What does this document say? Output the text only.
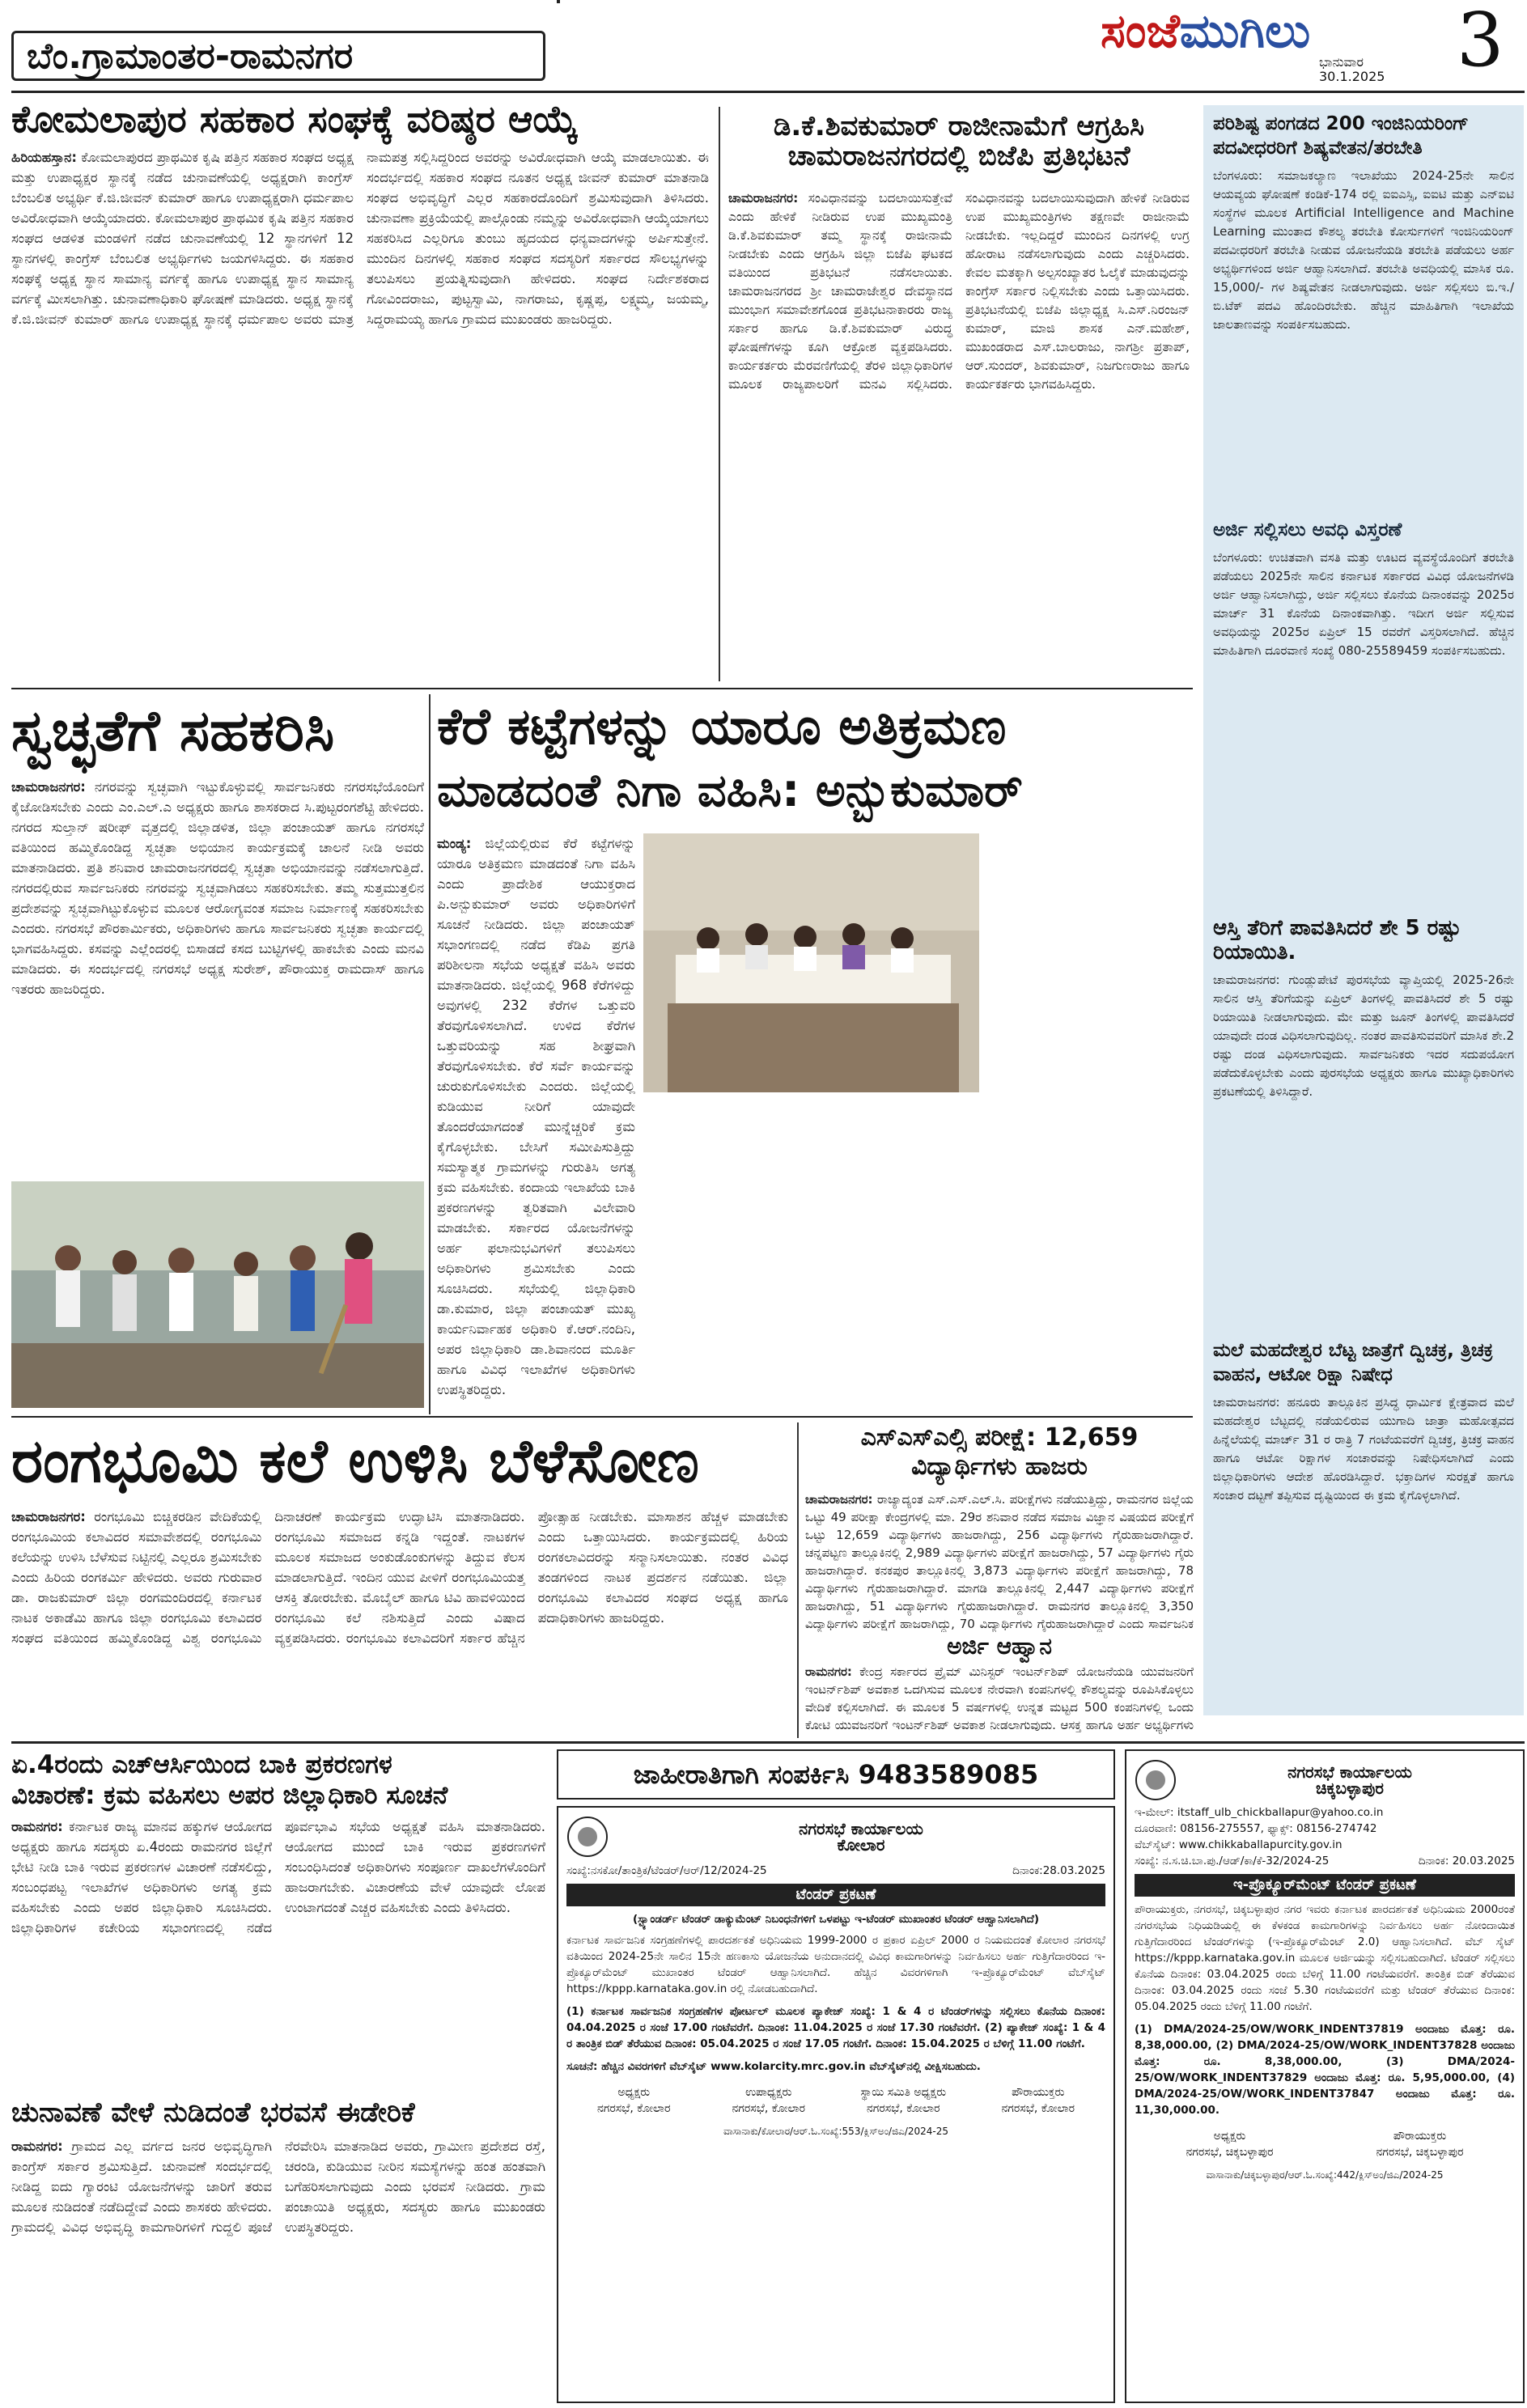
ಬೆಂ.ಗ್ರಾಮಾಂತರ-ರಾಮನಗರ	ಸಂಜೆಮುಗಿಲು
ಭಾನುವಾರ
30.1.2025 3
ಕೋಮಲಾಪುರ ಸಹಕಾರ ಸಂಘಕ್ಕೆ ವರಿಷ್ಠರ ಆಯ್ಕೆ
ಹಿರಿಯಹಸ್ತಾನ: ಕೋಮಲಾಪುರದ ಪ್ರಾಥಮಿಕ ಕೃಷಿ ಪತ್ತಿನ ಸಹಕಾರ ಸಂಘದ ಅಧ್ಯಕ್ಷ ಮತ್ತು ಉಪಾಧ್ಯಕ್ಷರ ಸ್ಥಾನಕ್ಕೆ ನಡೆದ ಚುನಾವಣೆಯಲ್ಲಿ ಅಧ್ಯಕ್ಷರಾಗಿ ಕಾಂಗ್ರೆಸ್ ಬೆಂಬಲಿತ ಅಭ್ಯರ್ಥಿ ಕೆ.ಜಿ.ಜೀವನ್ ಕುಮಾರ್ ಹಾಗೂ ಉಪಾಧ್ಯಕ್ಷರಾಗಿ ಧರ್ಮಪಾಲ ಅವಿರೋಧವಾಗಿ ಆಯ್ಕೆಯಾದರು. ಕೋಮಲಾಪುರ ಪ್ರಾಥಮಿಕ ಕೃಷಿ ಪತ್ತಿನ ಸಹಕಾರ ಸಂಘದ ಆಡಳಿತ ಮಂಡಳಿಗೆ ನಡೆದ ಚುನಾವಣೆಯಲ್ಲಿ 12 ಸ್ಥಾನಗಳಿಗೆ 12 ಸ್ಥಾನಗಳಲ್ಲಿ ಕಾಂಗ್ರೆಸ್ ಬೆಂಬಲಿತ ಅಭ್ಯರ್ಥಿಗಳು ಜಯಗಳಿಸಿದ್ದರು. ಈ ಸಹಕಾರ ಸಂಘಕ್ಕೆ ಅಧ್ಯಕ್ಷ ಸ್ಥಾನ ಸಾಮಾನ್ಯ ವರ್ಗಕ್ಕೆ ಹಾಗೂ ಉಪಾಧ್ಯಕ್ಷ ಸ್ಥಾನ ಸಾಮಾನ್ಯ ವರ್ಗಕ್ಕೆ ಮೀಸಲಾಗಿತ್ತು. ಚುನಾವಣಾಧಿಕಾರಿ ಘೋಷಣೆ ಮಾಡಿದರು. ಅಧ್ಯಕ್ಷ ಸ್ಥಾನಕ್ಕೆ ಕೆ.ಜಿ.ಜೀವನ್ ಕುಮಾರ್ ಹಾಗೂ ಉಪಾಧ್ಯಕ್ಷ ಸ್ಥಾನಕ್ಕೆ ಧರ್ಮಪಾಲ ಅವರು ಮಾತ್ರ ನಾಮಪತ್ರ ಸಲ್ಲಿಸಿದ್ದರಿಂದ ಅವರನ್ನು ಅವಿರೋಧವಾಗಿ ಆಯ್ಕೆ ಮಾಡಲಾಯಿತು. ಈ ಸಂದರ್ಭದಲ್ಲಿ ಸಹಕಾರ ಸಂಘದ ನೂತನ ಅಧ್ಯಕ್ಷ ಜೀವನ್ ಕುಮಾರ್ ಮಾತನಾಡಿ ಸಂಘದ ಅಭಿವೃದ್ಧಿಗೆ ಎಲ್ಲರ ಸಹಕಾರದೊಂದಿಗೆ ಶ್ರಮಿಸುವುದಾಗಿ ತಿಳಿಸಿದರು. ಚುನಾವಣಾ ಪ್ರಕ್ರಿಯೆಯಲ್ಲಿ ಪಾಲ್ಗೊಂಡು ನಮ್ಮನ್ನು ಅವಿರೋಧವಾಗಿ ಆಯ್ಕೆಯಾಗಲು ಸಹಕರಿಸಿದ ಎಲ್ಲರಿಗೂ ತುಂಬು ಹೃದಯದ ಧನ್ಯವಾದಗಳನ್ನು ಅರ್ಪಿಸುತ್ತೇನೆ. ಮುಂದಿನ ದಿನಗಳಲ್ಲಿ ಸಹಕಾರ ಸಂಘದ ಸದಸ್ಯರಿಗೆ ಸರ್ಕಾರದ ಸೌಲಭ್ಯಗಳನ್ನು ತಲುಪಿಸಲು ಪ್ರಯತ್ನಿಸುವುದಾಗಿ ಹೇಳಿದರು. ಸಂಘದ ನಿರ್ದೇಶಕರಾದ ಗೋವಿಂದರಾಜು, ಪುಟ್ಟಸ್ವಾಮಿ, ನಾಗರಾಜು, ಕೃಷ್ಣಪ್ಪ, ಲಕ್ಷ್ಮಮ್ಮ, ಜಯಮ್ಮ, ಸಿದ್ದರಾಮಯ್ಯ ಹಾಗೂ ಗ್ರಾಮದ ಮುಖಂಡರು ಹಾಜರಿದ್ದರು.
ಡಿ.ಕೆ.ಶಿವಕುಮಾರ್ ರಾಜೀನಾಮೆಗೆ ಆಗ್ರಹಿಸಿ ಚಾಮರಾಜನಗರದಲ್ಲಿ ಬಿಜೆಪಿ ಪ್ರತಿಭಟನೆ
ಚಾಮರಾಜನಗರ: ಸಂವಿಧಾನವನ್ನು ಬದಲಾಯಿಸುತ್ತೇವೆ ಎಂದು ಹೇಳಿಕೆ ನೀಡಿರುವ ಉಪ ಮುಖ್ಯಮಂತ್ರಿ ಡಿ.ಕೆ.ಶಿವಕುಮಾರ್ ತಮ್ಮ ಸ್ಥಾನಕ್ಕೆ ರಾಜೀನಾಮೆ ನೀಡಬೇಕು ಎಂದು ಆಗ್ರಹಿಸಿ ಜಿಲ್ಲಾ ಬಿಜೆಪಿ ಘಟಕದ ವತಿಯಿಂದ ಪ್ರತಿಭಟನೆ ನಡೆಸಲಾಯಿತು. ಚಾಮರಾಜನಗರದ ಶ್ರೀ ಚಾಮರಾಜೇಶ್ವರ ದೇವಸ್ಥಾನದ ಮುಂಭಾಗ ಸಮಾವೇಶಗೊಂಡ ಪ್ರತಿಭಟನಾಕಾರರು ರಾಜ್ಯ ಸರ್ಕಾರ ಹಾಗೂ ಡಿ.ಕೆ.ಶಿವಕುಮಾರ್ ವಿರುದ್ಧ ಘೋಷಣೆಗಳನ್ನು ಕೂಗಿ ಆಕ್ರೋಶ ವ್ಯಕ್ತಪಡಿಸಿದರು. ಕಾರ್ಯಕರ್ತರು ಮೆರವಣಿಗೆಯಲ್ಲಿ ತೆರಳಿ ಜಿಲ್ಲಾಧಿಕಾರಿಗಳ ಮೂಲಕ ರಾಜ್ಯಪಾಲರಿಗೆ ಮನವಿ ಸಲ್ಲಿಸಿದರು. ಸಂವಿಧಾನವನ್ನು ಬದಲಾಯಿಸುವುದಾಗಿ ಹೇಳಿಕೆ ನೀಡಿರುವ ಉಪ ಮುಖ್ಯಮಂತ್ರಿಗಳು ತಕ್ಷಣವೇ ರಾಜೀನಾಮೆ ನೀಡಬೇಕು. ಇಲ್ಲದಿದ್ದರೆ ಮುಂದಿನ ದಿನಗಳಲ್ಲಿ ಉಗ್ರ ಹೋರಾಟ ನಡೆಸಲಾಗುವುದು ಎಂದು ಎಚ್ಚರಿಸಿದರು. ಕೇವಲ ಮತಕ್ಕಾಗಿ ಅಲ್ಪಸಂಖ್ಯಾತರ ಓಲೈಕೆ ಮಾಡುವುದನ್ನು ಕಾಂಗ್ರೆಸ್ ಸರ್ಕಾರ ನಿಲ್ಲಿಸಬೇಕು ಎಂದು ಒತ್ತಾಯಿಸಿದರು. ಪ್ರತಿಭಟನೆಯಲ್ಲಿ ಬಿಜೆಪಿ ಜಿಲ್ಲಾಧ್ಯಕ್ಷ ಸಿ.ಎಸ್.ನಿರಂಜನ್ ಕುಮಾರ್, ಮಾಜಿ ಶಾಸಕ ಎನ್.ಮಹೇಶ್, ಮುಖಂಡರಾದ ಎಸ್.ಬಾಲರಾಜು, ನಾಗಶ್ರೀ ಪ್ರತಾಪ್, ಆರ್.ಸುಂದರ್, ಶಿವಕುಮಾರ್, ನಿಜಗುಣರಾಜು ಹಾಗೂ ಕಾರ್ಯಕರ್ತರು ಭಾಗವಹಿಸಿದ್ದರು.
ಪರಿಶಿಷ್ಟ ಪಂಗಡದ 200 ಇಂಜಿನಿಯರಿಂಗ್ ಪದವೀಧರರಿಗೆ ಶಿಷ್ಯವೇತನ/ತರಬೇತಿ
ಬೆಂಗಳೂರು: ಸಮಾಜಕಲ್ಯಾಣ ಇಲಾಖೆಯು 2024-25ನೇ ಸಾಲಿನ ಆಯವ್ಯಯ ಘೋಷಣೆ ಕಂಡಿಕೆ-174 ರಲ್ಲಿ ಐಐಎಸ್ಸಿ, ಐಐಟಿ ಮತ್ತು ಎನ್ಐಟಿ ಸಂಸ್ಥೆಗಳ ಮೂಲಕ Artificial Intelligence and Machine Learning ಮುಂತಾದ ಕೌಶಲ್ಯ ತರಬೇತಿ ಕೋರ್ಸುಗಳಿಗೆ ಇಂಜಿನಿಯರಿಂಗ್ ಪದವೀಧರರಿಗೆ ತರಬೇತಿ ನೀಡುವ ಯೋಜನೆಯಡಿ ತರಬೇತಿ ಪಡೆಯಲು ಅರ್ಹ ಅಭ್ಯರ್ಥಿಗಳಿಂದ ಅರ್ಜಿ ಆಹ್ವಾನಿಸಲಾಗಿದೆ. ತರಬೇತಿ ಅವಧಿಯಲ್ಲಿ ಮಾಸಿಕ ರೂ. 15,000/- ಗಳ ಶಿಷ್ಯವೇತನ ನೀಡಲಾಗುವುದು. ಅರ್ಜಿ ಸಲ್ಲಿಸಲು ಬಿ.ಇ./ಬಿ.ಟೆಕ್ ಪದವಿ ಹೊಂದಿರಬೇಕು. ಹೆಚ್ಚಿನ ಮಾಹಿತಿಗಾಗಿ ಇಲಾಖೆಯ ಜಾಲತಾಣವನ್ನು ಸಂಪರ್ಕಿಸಬಹುದು.
ಅರ್ಜಿ ಸಲ್ಲಿಸಲು ಅವಧಿ ವಿಸ್ತರಣೆ
ಬೆಂಗಳೂರು: ಉಚಿತವಾಗಿ ವಸತಿ ಮತ್ತು ಊಟದ ವ್ಯವಸ್ಥೆಯೊಂದಿಗೆ ತರಬೇತಿ ಪಡೆಯಲು 2025ನೇ ಸಾಲಿನ ಕರ್ನಾಟಕ ಸರ್ಕಾರದ ವಿವಿಧ ಯೋಜನೆಗಳಡಿ ಅರ್ಜಿ ಆಹ್ವಾನಿಸಲಾಗಿದ್ದು, ಅರ್ಜಿ ಸಲ್ಲಿಸಲು ಕೊನೆಯ ದಿನಾಂಕವನ್ನು 2025ರ ಮಾರ್ಚ್ 31 ಕೊನೆಯ ದಿನಾಂಕವಾಗಿತ್ತು. ಇದೀಗ ಅರ್ಜಿ ಸಲ್ಲಿಸುವ ಅವಧಿಯನ್ನು 2025ರ ಏಪ್ರಿಲ್ 15 ರವರೆಗೆ ವಿಸ್ತರಿಸಲಾಗಿದೆ. ಹೆಚ್ಚಿನ ಮಾಹಿತಿಗಾಗಿ ದೂರವಾಣಿ ಸಂಖ್ಯೆ 080-25589459 ಸಂಪರ್ಕಿಸಬಹುದು.
ಆಸ್ತಿ ತೆರಿಗೆ ಪಾವತಿಸಿದರೆ ಶೇ 5 ರಷ್ಟು ರಿಯಾಯಿತಿ.
ಚಾಮರಾಜನಗರ: ಗುಂಡ್ಲುಪೇಟೆ ಪುರಸಭೆಯ ವ್ಯಾಪ್ತಿಯಲ್ಲಿ 2025-26ನೇ ಸಾಲಿನ ಆಸ್ತಿ ತೆರಿಗೆಯನ್ನು ಏಪ್ರಿಲ್ ತಿಂಗಳಲ್ಲಿ ಪಾವತಿಸಿದರೆ ಶೇ 5 ರಷ್ಟು ರಿಯಾಯಿತಿ ನೀಡಲಾಗುವುದು. ಮೇ ಮತ್ತು ಜೂನ್ ತಿಂಗಳಲ್ಲಿ ಪಾವತಿಸಿದರೆ ಯಾವುದೇ ದಂಡ ವಿಧಿಸಲಾಗುವುದಿಲ್ಲ. ನಂತರ ಪಾವತಿಸುವವರಿಗೆ ಮಾಸಿಕ ಶೇ.2 ರಷ್ಟು ದಂಡ ವಿಧಿಸಲಾಗುವುದು. ಸಾರ್ವಜನಿಕರು ಇದರ ಸದುಪಯೋಗ ಪಡೆದುಕೊಳ್ಳಬೇಕು ಎಂದು ಪುರಸಭೆಯ ಅಧ್ಯಕ್ಷರು ಹಾಗೂ ಮುಖ್ಯಾಧಿಕಾರಿಗಳು ಪ್ರಕಟಣೆಯಲ್ಲಿ ತಿಳಿಸಿದ್ದಾರೆ.
ಮಲೆ ಮಹದೇಶ್ವರ ಬೆಟ್ಟ ಜಾತ್ರೆಗೆ ದ್ವಿಚಕ್ರ, ತ್ರಿಚಕ್ರ ವಾಹನ, ಆಟೋ ರಿಕ್ಷಾ ನಿಷೇಧ
ಚಾಮರಾಜನಗರ: ಹನೂರು ತಾಲ್ಲೂಕಿನ ಪ್ರಸಿದ್ಧ ಧಾರ್ಮಿಕ ಕ್ಷೇತ್ರವಾದ ಮಲೆ ಮಹದೇಶ್ವರ ಬೆಟ್ಟದಲ್ಲಿ ನಡೆಯಲಿರುವ ಯುಗಾದಿ ಜಾತ್ರಾ ಮಹೋತ್ಸವದ ಹಿನ್ನೆಲೆಯಲ್ಲಿ ಮಾರ್ಚ್ 31 ರ ರಾತ್ರಿ 7 ಗಂಟೆಯವರೆಗೆ ದ್ವಿಚಕ್ರ, ತ್ರಿಚಕ್ರ ವಾಹನ ಹಾಗೂ ಆಟೋ ರಿಕ್ಷಾಗಳ ಸಂಚಾರವನ್ನು ನಿಷೇಧಿಸಲಾಗಿದೆ ಎಂದು ಜಿಲ್ಲಾಧಿಕಾರಿಗಳು ಆದೇಶ ಹೊರಡಿಸಿದ್ದಾರೆ. ಭಕ್ತಾದಿಗಳ ಸುರಕ್ಷತೆ ಹಾಗೂ ಸಂಚಾರ ದಟ್ಟಣೆ ತಪ್ಪಿಸುವ ದೃಷ್ಟಿಯಿಂದ ಈ ಕ್ರಮ ಕೈಗೊಳ್ಳಲಾಗಿದೆ.
ಸ್ವಚ್ಛತೆಗೆ ಸಹಕರಿಸಿ
ಚಾಮರಾಜನಗರ: ನಗರವನ್ನು ಸ್ವಚ್ಛವಾಗಿ ಇಟ್ಟುಕೊಳ್ಳುವಲ್ಲಿ ಸಾರ್ವಜನಿಕರು ನಗರಸಭೆಯೊಂದಿಗೆ ಕೈಜೋಡಿಸಬೇಕು ಎಂದು ಎಂ.ಎಲ್.ಎ ಅಧ್ಯಕ್ಷರು ಹಾಗೂ ಶಾಸಕರಾದ ಸಿ.ಪುಟ್ಟರಂಗಶೆಟ್ಟಿ ಹೇಳಿದರು. ನಗರದ ಸುಲ್ತಾನ್ ಷರೀಫ್ ವೃತ್ತದಲ್ಲಿ ಜಿಲ್ಲಾಡಳಿತ, ಜಿಲ್ಲಾ ಪಂಚಾಯತ್ ಹಾಗೂ ನಗರಸಭೆ ವತಿಯಿಂದ ಹಮ್ಮಿಕೊಂಡಿದ್ದ ಸ್ವಚ್ಛತಾ ಅಭಿಯಾನ ಕಾರ್ಯಕ್ರಮಕ್ಕೆ ಚಾಲನೆ ನೀಡಿ ಅವರು ಮಾತನಾಡಿದರು. ಪ್ರತಿ ಶನಿವಾರ ಚಾಮರಾಜನಗರದಲ್ಲಿ ಸ್ವಚ್ಛತಾ ಅಭಿಯಾನವನ್ನು ನಡೆಸಲಾಗುತ್ತಿದೆ. ನಗರದಲ್ಲಿರುವ ಸಾರ್ವಜನಿಕರು ನಗರವನ್ನು ಸ್ವಚ್ಛವಾಗಿಡಲು ಸಹಕರಿಸಬೇಕು. ತಮ್ಮ ಸುತ್ತಮುತ್ತಲಿನ ಪ್ರದೇಶವನ್ನು ಸ್ವಚ್ಛವಾಗಿಟ್ಟುಕೊಳ್ಳುವ ಮೂಲಕ ಆರೋಗ್ಯವಂತ ಸಮಾಜ ನಿರ್ಮಾಣಕ್ಕೆ ಸಹಕರಿಸಬೇಕು ಎಂದರು. ನಗರಸಭೆ ಪೌರಕಾರ್ಮಿಕರು, ಅಧಿಕಾರಿಗಳು ಹಾಗೂ ಸಾರ್ವಜನಿಕರು ಸ್ವಚ್ಛತಾ ಕಾರ್ಯದಲ್ಲಿ ಭಾಗವಹಿಸಿದ್ದರು. ಕಸವನ್ನು ಎಲ್ಲೆಂದರಲ್ಲಿ ಬಿಸಾಡದೆ ಕಸದ ಬುಟ್ಟಿಗಳಲ್ಲಿ ಹಾಕಬೇಕು ಎಂದು ಮನವಿ ಮಾಡಿದರು. ಈ ಸಂದರ್ಭದಲ್ಲಿ ನಗರಸಭೆ ಅಧ್ಯಕ್ಷ ಸುರೇಶ್, ಪೌರಾಯುಕ್ತ ರಾಮದಾಸ್ ಹಾಗೂ ಇತರರು ಹಾಜರಿದ್ದರು.
ಕೆರೆ ಕಟ್ಟೆಗಳನ್ನು ಯಾರೂ ಅತಿಕ್ರಮಣ
ಮಾಡದಂತೆ ನಿಗಾ ವಹಿಸಿ: ಅನ್ಬುಕುಮಾರ್
ಮಂಡ್ಯ: ಜಿಲ್ಲೆಯಲ್ಲಿರುವ ಕೆರೆ ಕಟ್ಟೆಗಳನ್ನು ಯಾರೂ ಅತಿಕ್ರಮಣ ಮಾಡದಂತೆ ನಿಗಾ ವಹಿಸಿ ಎಂದು ಪ್ರಾದೇಶಿಕ ಆಯುಕ್ತರಾದ ಪಿ.ಅನ್ಬುಕುಮಾರ್ ಅವರು ಅಧಿಕಾರಿಗಳಿಗೆ ಸೂಚನೆ ನೀಡಿದರು. ಜಿಲ್ಲಾ ಪಂಚಾಯತ್ ಸಭಾಂಗಣದಲ್ಲಿ ನಡೆದ ಕೆಡಿಪಿ ಪ್ರಗತಿ ಪರಿಶೀಲನಾ ಸಭೆಯ ಅಧ್ಯಕ್ಷತೆ ವಹಿಸಿ ಅವರು ಮಾತನಾಡಿದರು. ಜಿಲ್ಲೆಯಲ್ಲಿ 968 ಕೆರೆಗಳಿದ್ದು ಅವುಗಳಲ್ಲಿ 232 ಕೆರೆಗಳ ಒತ್ತುವರಿ ತೆರವುಗೊಳಿಸಲಾಗಿದೆ. ಉಳಿದ ಕೆರೆಗಳ ಒತ್ತುವರಿಯನ್ನು ಸಹ ಶೀಘ್ರವಾಗಿ ತೆರವುಗೊಳಿಸಬೇಕು. ಕೆರೆ ಸರ್ವೆ ಕಾರ್ಯವನ್ನು ಚುರುಕುಗೊಳಿಸಬೇಕು ಎಂದರು. ಜಿಲ್ಲೆಯಲ್ಲಿ ಕುಡಿಯುವ ನೀರಿಗೆ ಯಾವುದೇ ತೊಂದರೆಯಾಗದಂತೆ ಮುನ್ನೆಚ್ಚರಿಕೆ ಕ್ರಮ ಕೈಗೊಳ್ಳಬೇಕು. ಬೇಸಿಗೆ ಸಮೀಪಿಸುತ್ತಿದ್ದು ಸಮಸ್ಯಾತ್ಮಕ ಗ್ರಾಮಗಳನ್ನು ಗುರುತಿಸಿ ಅಗತ್ಯ ಕ್ರಮ ವಹಿಸಬೇಕು. ಕಂದಾಯ ಇಲಾಖೆಯ ಬಾಕಿ ಪ್ರಕರಣಗಳನ್ನು ತ್ವರಿತವಾಗಿ ವಿಲೇವಾರಿ ಮಾಡಬೇಕು. ಸರ್ಕಾರದ ಯೋಜನೆಗಳನ್ನು ಅರ್ಹ ಫಲಾನುಭವಿಗಳಿಗೆ ತಲುಪಿಸಲು ಅಧಿಕಾರಿಗಳು ಶ್ರಮಿಸಬೇಕು ಎಂದು ಸೂಚಿಸಿದರು. ಸಭೆಯಲ್ಲಿ ಜಿಲ್ಲಾಧಿಕಾರಿ ಡಾ.ಕುಮಾರ, ಜಿಲ್ಲಾ ಪಂಚಾಯತ್ ಮುಖ್ಯ ಕಾರ್ಯನಿರ್ವಾಹಕ ಅಧಿಕಾರಿ ಕೆ.ಆರ್.ನಂದಿನಿ, ಅಪರ ಜಿಲ್ಲಾಧಿಕಾರಿ ಡಾ.ಶಿವಾನಂದ ಮೂರ್ತಿ ಹಾಗೂ ವಿವಿಧ ಇಲಾಖೆಗಳ ಅಧಿಕಾರಿಗಳು ಉಪಸ್ಥಿತರಿದ್ದರು.
ರಂಗಭೂಮಿ ಕಲೆ ಉಳಿಸಿ ಬೆಳೆಸೋಣ
ಚಾಮರಾಜನಗರ: ರಂಗಭೂಮಿ ಬಿಚ್ಚಿಕರಡಿನ ವೇದಿಕೆಯಲ್ಲಿ ರಂಗಭೂಮಿಯ ಕಲಾವಿದರ ಸಮಾವೇಶದಲ್ಲಿ ರಂಗಭೂಮಿ ಕಲೆಯನ್ನು ಉಳಿಸಿ ಬೆಳೆಸುವ ನಿಟ್ಟಿನಲ್ಲಿ ಎಲ್ಲರೂ ಶ್ರಮಿಸಬೇಕು ಎಂದು ಹಿರಿಯ ರಂಗಕರ್ಮಿ ಹೇಳಿದರು. ಅವರು ಗುರುವಾರ ಡಾ. ರಾಜಕುಮಾರ್ ಜಿಲ್ಲಾ ರಂಗಮಂದಿರದಲ್ಲಿ ಕರ್ನಾಟಕ ನಾಟಕ ಅಕಾಡೆಮಿ ಹಾಗೂ ಜಿಲ್ಲಾ ರಂಗಭೂಮಿ ಕಲಾವಿದರ ಸಂಘದ ವತಿಯಿಂದ ಹಮ್ಮಿಕೊಂಡಿದ್ದ ವಿಶ್ವ ರಂಗಭೂಮಿ ದಿನಾಚರಣೆ ಕಾರ್ಯಕ್ರಮ ಉದ್ಘಾಟಿಸಿ ಮಾತನಾಡಿದರು. ರಂಗಭೂಮಿ ಸಮಾಜದ ಕನ್ನಡಿ ಇದ್ದಂತೆ. ನಾಟಕಗಳ ಮೂಲಕ ಸಮಾಜದ ಅಂಕುಡೊಂಕುಗಳನ್ನು ತಿದ್ದುವ ಕೆಲಸ ಮಾಡಲಾಗುತ್ತಿದೆ. ಇಂದಿನ ಯುವ ಪೀಳಿಗೆ ರಂಗಭೂಮಿಯತ್ತ ಆಸಕ್ತಿ ತೋರಬೇಕು. ಮೊಬೈಲ್ ಹಾಗೂ ಟಿವಿ ಹಾವಳಿಯಿಂದ ರಂಗಭೂಮಿ ಕಲೆ ನಶಿಸುತ್ತಿದೆ ಎಂದು ವಿಷಾದ ವ್ಯಕ್ತಪಡಿಸಿದರು. ರಂಗಭೂಮಿ ಕಲಾವಿದರಿಗೆ ಸರ್ಕಾರ ಹೆಚ್ಚಿನ ಪ್ರೋತ್ಸಾಹ ನೀಡಬೇಕು. ಮಾಸಾಶನ ಹೆಚ್ಚಳ ಮಾಡಬೇಕು ಎಂದು ಒತ್ತಾಯಿಸಿದರು. ಕಾರ್ಯಕ್ರಮದಲ್ಲಿ ಹಿರಿಯ ರಂಗಕಲಾವಿದರನ್ನು ಸನ್ಮಾನಿಸಲಾಯಿತು. ನಂತರ ವಿವಿಧ ತಂಡಗಳಿಂದ ನಾಟಕ ಪ್ರದರ್ಶನ ನಡೆಯಿತು. ಜಿಲ್ಲಾ ರಂಗಭೂಮಿ ಕಲಾವಿದರ ಸಂಘದ ಅಧ್ಯಕ್ಷ ಹಾಗೂ ಪದಾಧಿಕಾರಿಗಳು ಹಾಜರಿದ್ದರು.
ಎಸ್ಎಸ್ಎಲ್ಸಿ ಪರೀಕ್ಷೆ: 12,659
ವಿದ್ಯಾರ್ಥಿಗಳು ಹಾಜರು
ಚಾಮರಾಜನಗರ: ರಾಜ್ಯಾದ್ಯಂತ ಎಸ್.ಎಸ್.ಎಲ್.ಸಿ. ಪರೀಕ್ಷೆಗಳು ನಡೆಯುತ್ತಿದ್ದು, ರಾಮನಗರ ಜಿಲ್ಲೆಯ ಒಟ್ಟು 49 ಪರೀಕ್ಷಾ ಕೇಂದ್ರಗಳಲ್ಲಿ ಮಾ. 29ರ ಶನಿವಾರ ನಡೆದ ಸಮಾಜ ವಿಜ್ಞಾನ ವಿಷಯದ ಪರೀಕ್ಷೆಗೆ ಒಟ್ಟು 12,659 ವಿದ್ಯಾರ್ಥಿಗಳು ಹಾಜರಾಗಿದ್ದು, 256 ವಿದ್ಯಾರ್ಥಿಗಳು ಗೈರುಹಾಜರಾಗಿದ್ದಾರೆ. ಚನ್ನಪಟ್ಟಣ ತಾಲ್ಲೂಕಿನಲ್ಲಿ 2,989 ವಿದ್ಯಾರ್ಥಿಗಳು ಪರೀಕ್ಷೆಗೆ ಹಾಜರಾಗಿದ್ದು, 57 ವಿದ್ಯಾರ್ಥಿಗಳು ಗೈರು ಹಾಜರಾಗಿದ್ದಾರೆ. ಕನಕಪುರ ತಾಲ್ಲೂಕಿನಲ್ಲಿ 3,873 ವಿದ್ಯಾರ್ಥಿಗಳು ಪರೀಕ್ಷೆಗೆ ಹಾಜರಾಗಿದ್ದು, 78 ವಿದ್ಯಾರ್ಥಿಗಳು ಗೈರುಹಾಜರಾಗಿದ್ದಾರೆ. ಮಾಗಡಿ ತಾಲ್ಲೂಕಿನಲ್ಲಿ 2,447 ವಿದ್ಯಾರ್ಥಿಗಳು ಪರೀಕ್ಷೆಗೆ ಹಾಜರಾಗಿದ್ದು, 51 ವಿದ್ಯಾರ್ಥಿಗಳು ಗೈರುಹಾಜರಾಗಿದ್ದಾರೆ. ರಾಮನಗರ ತಾಲ್ಲೂಕಿನಲ್ಲಿ 3,350 ವಿದ್ಯಾರ್ಥಿಗಳು ಪರೀಕ್ಷೆಗೆ ಹಾಜರಾಗಿದ್ದು, 70 ವಿದ್ಯಾರ್ಥಿಗಳು ಗೈರುಹಾಜರಾಗಿದ್ದಾರೆ ಎಂದು ಸಾರ್ವಜನಿಕ
ಅರ್ಜಿ ಆಹ್ವಾನ
ರಾಮನಗರ: ಕೇಂದ್ರ ಸರ್ಕಾರದ ಪ್ರೈಮ್ ಮಿನಿಸ್ಟರ್ ಇಂಟರ್ನ್‌ಶಿಪ್ ಯೋಜನೆಯಡಿ ಯುವಜನರಿಗೆ ಇಂಟರ್ನ್‌ಶಿಪ್ ಅವಕಾಶ ಒದಗಿಸುವ ಮೂಲಕ ನೇರವಾಗಿ ಕಂಪನಿಗಳಲ್ಲಿ ಕೌಶಲ್ಯವನ್ನು ರೂಪಿಸಿಕೊಳ್ಳಲು ವೇದಿಕೆ ಕಲ್ಪಿಸಲಾಗಿದೆ. ಈ ಮೂಲಕ 5 ವರ್ಷಗಳಲ್ಲಿ ಉನ್ನತ ಮಟ್ಟದ 500 ಕಂಪನಿಗಳಲ್ಲಿ ಒಂದು ಕೋಟಿ ಯುವಜನರಿಗೆ ಇಂಟರ್ನ್‌ಶಿಪ್ ಅವಕಾಶ ನೀಡಲಾಗುವುದು. ಆಸಕ್ತ ಹಾಗೂ ಅರ್ಹ ಅಭ್ಯರ್ಥಿಗಳು
ಏ.4ರಂದು ಎಚ್ಆರ್ಸಿಯಿಂದ ಬಾಕಿ ಪ್ರಕರಣಗಳ
ವಿಚಾರಣೆ: ಕ್ರಮ ವಹಿಸಲು ಅಪರ ಜಿಲ್ಲಾಧಿಕಾರಿ ಸೂಚನೆ
ರಾಮನಗರ: ಕರ್ನಾಟಕ ರಾಜ್ಯ ಮಾನವ ಹಕ್ಕುಗಳ ಆಯೋಗದ ಅಧ್ಯಕ್ಷರು ಹಾಗೂ ಸದಸ್ಯರು ಏ.4ರಂದು ರಾಮನಗರ ಜಿಲ್ಲೆಗೆ ಭೇಟಿ ನೀಡಿ ಬಾಕಿ ಇರುವ ಪ್ರಕರಣಗಳ ವಿಚಾರಣೆ ನಡೆಸಲಿದ್ದು, ಸಂಬಂಧಪಟ್ಟ ಇಲಾಖೆಗಳ ಅಧಿಕಾರಿಗಳು ಅಗತ್ಯ ಕ್ರಮ ವಹಿಸಬೇಕು ಎಂದು ಅಪರ ಜಿಲ್ಲಾಧಿಕಾರಿ ಸೂಚಿಸಿದರು. ಜಿಲ್ಲಾಧಿಕಾರಿಗಳ ಕಚೇರಿಯ ಸಭಾಂಗಣದಲ್ಲಿ ನಡೆದ ಪೂರ್ವಭಾವಿ ಸಭೆಯ ಅಧ್ಯಕ್ಷತೆ ವಹಿಸಿ ಮಾತನಾಡಿದರು. ಆಯೋಗದ ಮುಂದೆ ಬಾಕಿ ಇರುವ ಪ್ರಕರಣಗಳಿಗೆ ಸಂಬಂಧಿಸಿದಂತೆ ಅಧಿಕಾರಿಗಳು ಸಂಪೂರ್ಣ ದಾಖಲೆಗಳೊಂದಿಗೆ ಹಾಜರಾಗಬೇಕು. ವಿಚಾರಣೆಯ ವೇಳೆ ಯಾವುದೇ ಲೋಪ ಉಂಟಾಗದಂತೆ ಎಚ್ಚರ ವಹಿಸಬೇಕು ಎಂದು ತಿಳಿಸಿದರು.
ಚುನಾವಣೆ ವೇಳೆ ನುಡಿದಂತೆ ಭರವಸೆ ಈಡೇರಿಕೆ
ರಾಮನಗರ: ಗ್ರಾಮದ ಎಲ್ಲ ವರ್ಗದ ಜನರ ಅಭಿವೃದ್ಧಿಗಾಗಿ ಕಾಂಗ್ರೆಸ್ ಸರ್ಕಾರ ಶ್ರಮಿಸುತ್ತಿದೆ. ಚುನಾವಣೆ ಸಂದರ್ಭದಲ್ಲಿ ನೀಡಿದ್ದ ಐದು ಗ್ಯಾರಂಟಿ ಯೋಜನೆಗಳನ್ನು ಜಾರಿಗೆ ತರುವ ಮೂಲಕ ನುಡಿದಂತೆ ನಡೆದಿದ್ದೇವೆ ಎಂದು ಶಾಸಕರು ಹೇಳಿದರು. ಗ್ರಾಮದಲ್ಲಿ ವಿವಿಧ ಅಭಿವೃದ್ಧಿ ಕಾಮಗಾರಿಗಳಿಗೆ ಗುದ್ದಲಿ ಪೂಜೆ ನೆರವೇರಿಸಿ ಮಾತನಾಡಿದ ಅವರು, ಗ್ರಾಮೀಣ ಪ್ರದೇಶದ ರಸ್ತೆ, ಚರಂಡಿ, ಕುಡಿಯುವ ನೀರಿನ ಸಮಸ್ಯೆಗಳನ್ನು ಹಂತ ಹಂತವಾಗಿ ಬಗೆಹರಿಸಲಾಗುವುದು ಎಂದು ಭರವಸೆ ನೀಡಿದರು. ಗ್ರಾಮ ಪಂಚಾಯಿತಿ ಅಧ್ಯಕ್ಷರು, ಸದಸ್ಯರು ಹಾಗೂ ಮುಖಂಡರು ಉಪಸ್ಥಿತರಿದ್ದರು.
ಜಾಹೀರಾತಿಗಾಗಿ ಸಂಪರ್ಕಿಸಿ 9483589085
ನಗರಸಭೆ ಕಾರ್ಯಾಲಯ
ಕೋಲಾರ
ಸಂಖ್ಯೆ:ನಸಕೋ/ತಾಂತ್ರಿಕ/ಟೆಂಡರ್/ಆರ್/12/2024-25	ದಿನಾಂಕ:28.03.2025
ಟೆಂಡರ್ ಪ್ರಕಟಣೆ
(ಸ್ಟ್ಯಾಂಡರ್ಡ್ ಟೆಂಡರ್ ಡಾಕ್ಯುಮೆಂಟ್ ನಿಬಂಧನೆಗಳಿಗೆ ಒಳಪಟ್ಟು ಇ-ಟೆಂಡರ್ ಮುಖಾಂತರ ಟೆಂಡರ್ ಆಹ್ವಾನಿಸಲಾಗಿದೆ)
ಕರ್ನಾಟಕ ಸಾರ್ವಜನಿಕ ಸಂಗ್ರಹಣೆಗಳಲ್ಲಿ ಪಾರದರ್ಶಕತೆ ಅಧಿನಿಯಮ 1999-2000 ರ ಪ್ರಕಾರ ಏಪ್ರಿಲ್ 2000 ರ ನಿಯಮದಂತೆ ಕೋಲಾರ ನಗರಸಭೆ ವತಿಯಿಂದ 2024-25ನೇ ಸಾಲಿನ 15ನೇ ಹಣಕಾಸು ಯೋಜನೆಯ ಅನುದಾನದಲ್ಲಿ ವಿವಿಧ ಕಾಮಗಾರಿಗಳನ್ನು ನಿರ್ವಹಿಸಲು ಅರ್ಹ ಗುತ್ತಿಗೆದಾರರಿಂದ ಇ-ಪ್ರೊಕ್ಯೂರ್‌ಮೆಂಟ್ ಮುಖಾಂತರ ಟೆಂಡರ್ ಆಹ್ವಾನಿಸಲಾಗಿದೆ. ಹೆಚ್ಚಿನ ವಿವರಗಳಿಗಾಗಿ ಇ-ಪ್ರೊಕ್ಯೂರ್‌ಮೆಂಟ್ ವೆಬ್‌ಸೈಟ್ https://kppp.karnataka.gov.in ರಲ್ಲಿ ನೋಡಬಹುದಾಗಿದೆ.
(1) ಕರ್ನಾಟಕ ಸಾರ್ವಜನಿಕ ಸಂಗ್ರಹಣೆಗಳ ಪೋರ್ಟಲ್ ಮೂಲಕ ಪ್ಯಾಕೇಜ್ ಸಂಖ್ಯೆ: 1 & 4 ರ ಟೆಂಡರ್‌ಗಳನ್ನು ಸಲ್ಲಿಸಲು ಕೊನೆಯ ದಿನಾಂಕ: 04.04.2025 ರ ಸಂಜೆ 17.00 ಗಂಟೆವರೆಗೆ. ದಿನಾಂಕ: 11.04.2025 ರ ಸಂಜೆ 17.30 ಗಂಟೆವರೆಗೆ. (2) ಪ್ಯಾಕೇಜ್ ಸಂಖ್ಯೆ: 1 & 4 ರ ತಾಂತ್ರಿಕ ಬಿಡ್ ತೆರೆಯುವ ದಿನಾಂಕ: 05.04.2025 ರ ಸಂಜೆ 17.05 ಗಂಟೆಗೆ. ದಿನಾಂಕ: 15.04.2025 ರ ಬೆಳಿಗ್ಗೆ 11.00 ಗಂಟೆಗೆ.
ಸೂಚನೆ: ಹೆಚ್ಚಿನ ವಿವರಗಳಿಗೆ ವೆಬ್‌ಸೈಟ್ www.kolarcity.mrc.gov.in ವೆಬ್‌ಸೈಟ್‌ನಲ್ಲಿ ವೀಕ್ಷಿಸಬಹುದು.
ಅಧ್ಯಕ್ಷರು
ನಗರಸಭೆ, ಕೋಲಾರ
ಉಪಾಧ್ಯಕ್ಷರು
ನಗರಸಭೆ, ಕೋಲಾರ
ಸ್ಥಾಯಿ ಸಮಿತಿ ಅಧ್ಯಕ್ಷರು
ನಗರಸಭೆ, ಕೋಲಾರ
ಪೌರಾಯುಕ್ತರು
ನಗರಸಭೆ, ಕೋಲಾರ
ವಾಸಾನಾಕು/ಕೋಲಾರ/ಆರ್.ಓ.ಸಂಖ್ಯೆ:553/ಕ್ಲಿಸ್‌ಅಂ/ಜಿಎ/2024-25
ನಗರಸಭೆ ಕಾರ್ಯಾಲಯ
ಚಿಕ್ಕಬಳ್ಳಾಪುರ
ಇ-ಮೇಲ್: itstaff_ulb_chickballapur@yahoo.co.in
ದೂರವಾಣಿ: 08156-275557, ಫ್ಯಾಕ್ಸ್: 08156-274742
ವೆಬ್‌ಸೈಟ್: www.chikkaballapurcity.gov.in
ಸಂಖ್ಯೆ: ನ.ಸ.ಚಿ.ಬಾ.ಪು./ಆಡ್/ಕಾ/ಕೆ-32/2024-25	ದಿನಾಂಕ: 20.03.2025
ಇ-ಪ್ರೊಕ್ಯೂರ್‌ಮೆಂಟ್ ಟೆಂಡರ್ ಪ್ರಕಟಣೆ
ಪೌರಾಯುಕ್ತರು, ನಗರಸಭೆ, ಚಿಕ್ಕಬಳ್ಳಾಪುರ ನಗರ ಇವರು ಕರ್ನಾಟಕ ಪಾರದರ್ಶಕತೆ ಅಧಿನಿಯಮ 2000ರಂತೆ ನಗರಸಭೆಯ ನಿಧಿಯಡಿಯಲ್ಲಿ ಈ ಕೆಳಕಂಡ ಕಾಮಗಾರಿಗಳನ್ನು ನಿರ್ವಹಿಸಲು ಅರ್ಹ ನೋಂದಾಯಿತ ಗುತ್ತಿಗೆದಾರರಿಂದ ಟೆಂಡರ್‌ಗಳನ್ನು (ಇ-ಪ್ರೊಕ್ಯೂರ್‌ಮೆಂಟ್ 2.0) ಆಹ್ವಾನಿಸಲಾಗಿದೆ. ವೆಬ್ ಸೈಟ್ https://kppp.karnataka.gov.in ಮೂಲಕ ಅರ್ಜಿಯನ್ನು ಸಲ್ಲಿಸಬಹುದಾಗಿದೆ. ಟೆಂಡರ್ ಸಲ್ಲಿಸಲು ಕೊನೆಯ ದಿನಾಂಕ: 03.04.2025 ರಂದು ಬೆಳಿಗ್ಗೆ 11.00 ಗಂಟೆಯವರೆಗೆ. ತಾಂತ್ರಿಕ ಬಿಡ್ ತೆರೆಯುವ ದಿನಾಂಕ: 03.04.2025 ರಂದು ಸಂಜೆ 5.30 ಗಂಟೆಯವರೆಗೆ ಮತ್ತು ಟೆಂಡರ್ ತೆರೆಯುವ ದಿನಾಂಕ: 05.04.2025 ರಂದು ಬೆಳಿಗ್ಗೆ 11.00 ಗಂಟೆಗೆ.
(1) DMA/2024-25/OW/WORK_INDENT37819 ಅಂದಾಜು ಮೊತ್ತ: ರೂ. 8,38,000.00, (2) DMA/2024-25/OW/WORK_INDENT37828 ಅಂದಾಜು ಮೊತ್ತ: ರೂ. 8,38,000.00, (3) DMA/2024-25/OW/WORK_INDENT37829 ಅಂದಾಜು ಮೊತ್ತ: ರೂ. 5,95,000.00, (4) DMA/2024-25/OW/WORK_INDENT37847 ಅಂದಾಜು ಮೊತ್ತ: ರೂ. 11,30,000.00.
ಅಧ್ಯಕ್ಷರು
ನಗರಸಭೆ, ಚಿಕ್ಕಬಳ್ಳಾಪುರ
ಪೌರಾಯುಕ್ತರು
ನಗರಸಭೆ, ಚಿಕ್ಕಬಳ್ಳಾಪುರ
ವಾಸಾನಾಕು/ಚಿಕ್ಕಬಳ್ಳಾಪುರ/ಆರ್.ಓ.ಸಂಖ್ಯೆ:442/ಕ್ಲಿಸ್‌ಅಂ/ಜಿಎ/2024-25
